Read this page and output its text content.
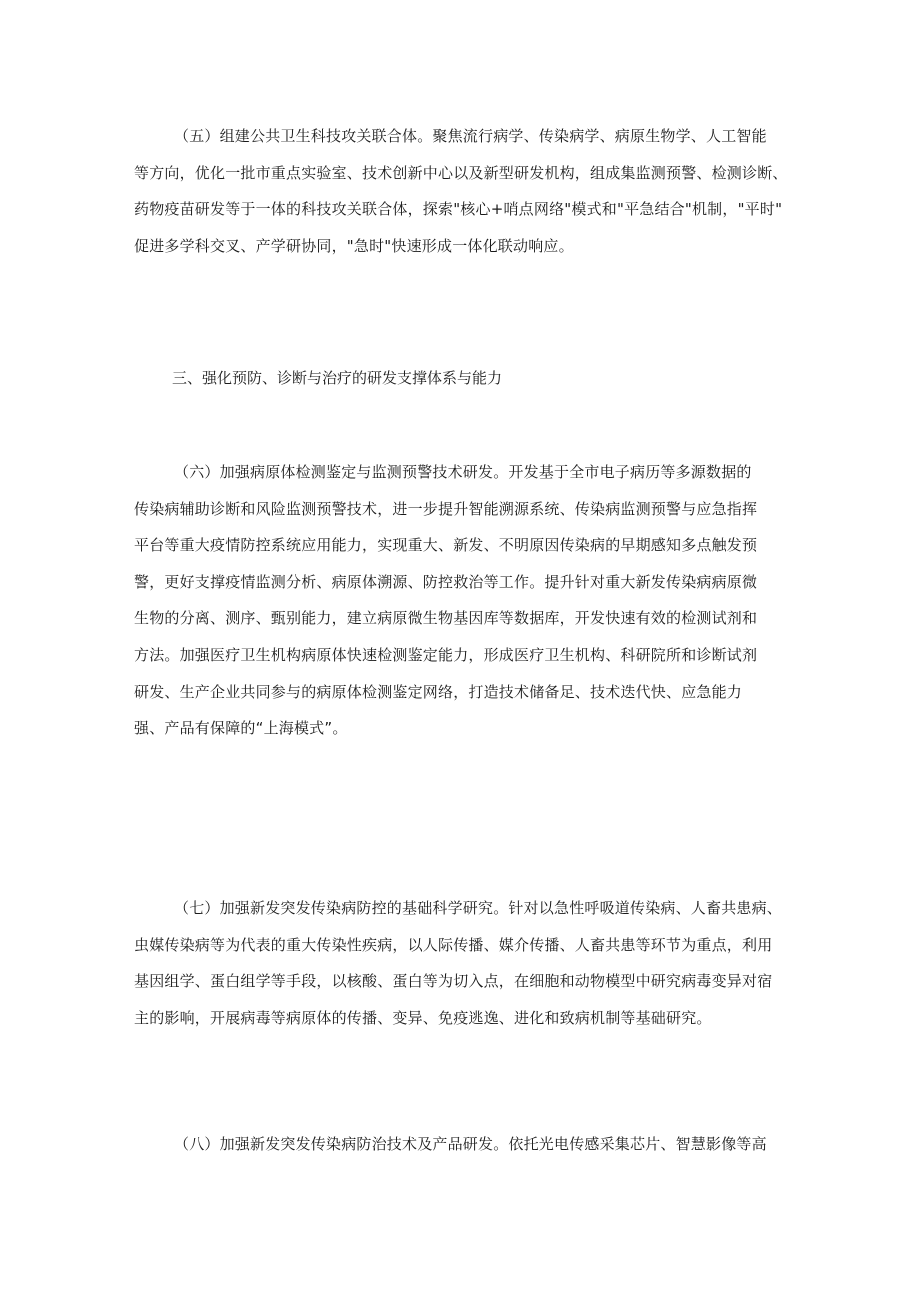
（五）组建公共卫生科技攻关联合体。聚焦流行病学、传染病学、病原生物学、人工智能
等方向，优化一批市重点实验室、技术创新中心以及新型研发机构，组成集监测预警、检测诊断、
药物疫苗研发等于一体的科技攻关联合体，探索"核心+哨点网络"模式和"平急结合"机制，"平时"
促进多学科交叉、产学研协同，"急时"快速形成一体化联动响应。
三、强化预防、诊断与治疗的研发支撑体系与能力
（六）加强病原体检测鉴定与监测预警技术研发。开发基于全市电子病历等多源数据的
传染病辅助诊断和风险监测预警技术，进一步提升智能溯源系统、传染病监测预警与应急指挥
平台等重大疫情防控系统应用能力，实现重大、新发、不明原因传染病的早期感知多点触发预
警，更好支撑疫情监测分析、病原体溯源、防控救治等工作。提升针对重大新发传染病病原微
生物的分离、测序、甄别能力，建立病原微生物基因库等数据库，开发快速有效的检测试剂和
方法。加强医疗卫生机构病原体快速检测鉴定能力，形成医疗卫生机构、科研院所和诊断试剂
研发、生产企业共同参与的病原体检测鉴定网络，打造技术储备足、技术迭代快、应急能力
强、产品有保障的“上海模式”。
（七）加强新发突发传染病防控的基础科学研究。针对以急性呼吸道传染病、人畜共患病、
虫媒传染病等为代表的重大传染性疾病，以人际传播、媒介传播、人畜共患等环节为重点，利用
基因组学、蛋白组学等手段，以核酸、蛋白等为切入点，在细胞和动物模型中研究病毒变异对宿
主的影响，开展病毒等病原体的传播、变异、免疫逃逸、进化和致病机制等基础研究。
（八）加强新发突发传染病防治技术及产品研发。依托光电传感采集芯片、智慧影像等高
